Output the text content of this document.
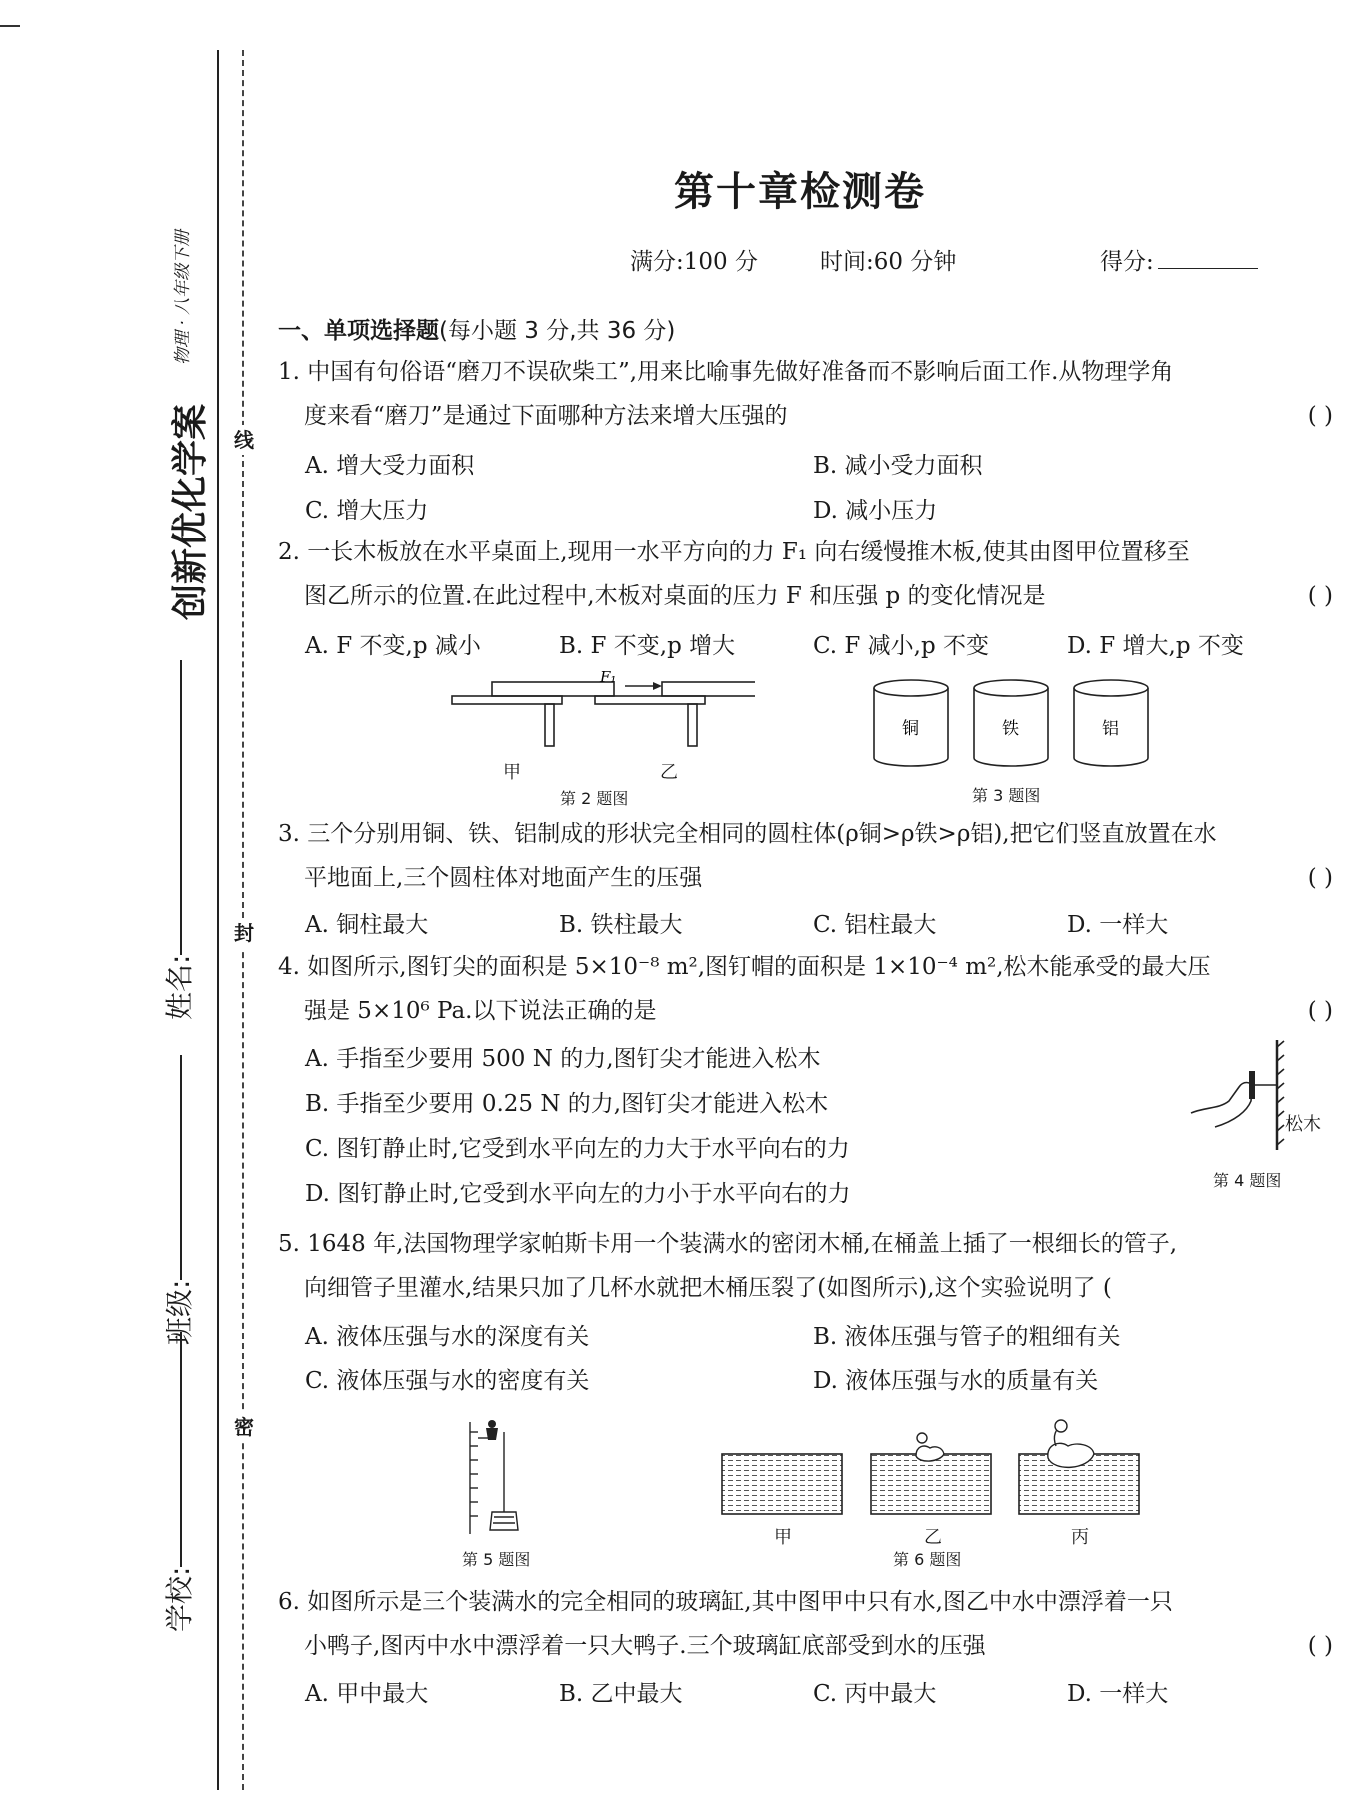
线
封
密
创新优化学案
物理 · 八年级下册
姓名:
班级:
学校:
第十章检测卷
满分:100 分	时间:60 分钟	得分:
一、单项选择题(每小题 3 分,共 36 分)
1. 中国有句俗语“磨刀不误砍柴工”,用来比喻事先做好准备而不影响后面工作.从物理学角
度来看“磨刀”是通过下面哪种方法来增大压强的	( )
A. 增大受力面积	B. 减小受力面积
C. 增大压力	D. 减小压力
2. 一长木板放在水平桌面上,现用一水平方向的力 F₁ 向右缓慢推木板,使其由图甲位置移至
图乙所示的位置.在此过程中,木板对桌面的压力 F 和压强 p 的变化情况是	( )
A. F 不变,p 减小	B. F 不变,p 增大	C. F 减小,p 不变	D. F 增大,p 不变
F₁
甲	乙
第 2 题图
铜	铁	铝
第 3 题图
3. 三个分别用铜、铁、铝制成的形状完全相同的圆柱体(ρ铜>ρ铁>ρ铝),把它们竖直放置在水
平地面上,三个圆柱体对地面产生的压强	( )
A. 铜柱最大	B. 铁柱最大	C. 铝柱最大	D. 一样大
4. 如图所示,图钉尖的面积是 5×10⁻⁸ m²,图钉帽的面积是 1×10⁻⁴ m²,松木能承受的最大压
强是 5×10⁶ Pa.以下说法正确的是	( )
A. 手指至少要用 500 N 的力,图钉尖才能进入松木
B. 手指至少要用 0.25 N 的力,图钉尖才能进入松木
C. 图钉静止时,它受到水平向左的力大于水平向右的力
D. 图钉静止时,它受到水平向左的力小于水平向右的力
松木
第 4 题图
5. 1648 年,法国物理学家帕斯卡用一个装满水的密闭木桶,在桶盖上插了一根细长的管子,
向细管子里灌水,结果只加了几杯水就把木桶压裂了(如图所示),这个实验说明了 (
A. 液体压强与水的深度有关	B. 液体压强与管子的粗细有关
C. 液体压强与水的密度有关	D. 液体压强与水的质量有关
第 5 题图
甲	乙	丙
第 6 题图
6. 如图所示是三个装满水的完全相同的玻璃缸,其中图甲中只有水,图乙中水中漂浮着一只
小鸭子,图丙中水中漂浮着一只大鸭子.三个玻璃缸底部受到水的压强	( )
A. 甲中最大	B. 乙中最大	C. 丙中最大	D. 一样大
